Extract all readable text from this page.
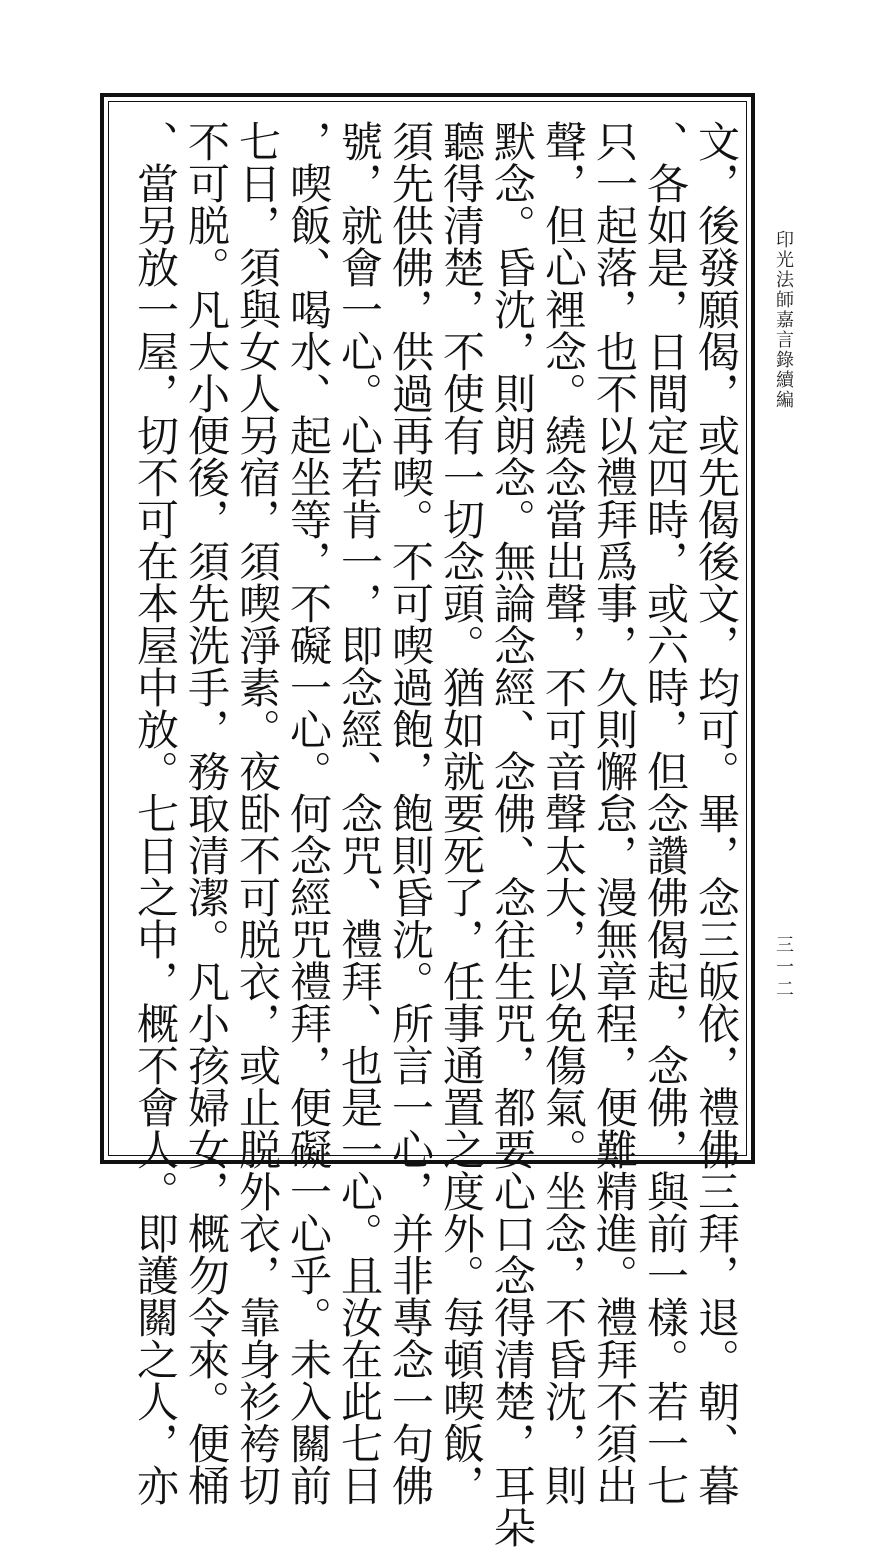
文，後發願偈，或先偈後文，均可。畢，念三皈依，禮佛三拜，退。朝、暮
、各如是，日間定四時，或六時，但念讚佛偈起，念佛，與前一樣。若一七
只一起落，也不以禮拜爲事，久則懈怠，漫無章程，便難精進。禮拜不須出
聲，但心裡念。繞念當出聲，不可音聲太大，以免傷氣。坐念，不昏沈，則
默念。昏沈，則朗念。無論念經、念佛、念往生咒，都要心口念得清楚，耳朵
聽得清楚，不使有一切念頭。猶如就要死了，任事通置之度外。每頓喫飯，
須先供佛，供過再喫。不可喫過飽，飽則昏沈。所言一心，并非專念一句佛
號，就會一心。心若肯一，即念經、念咒、禮拜、也是一心。且汝在此七日
，喫飯、喝水、起坐等，不礙一心。何念經咒禮拜，便礙一心乎。未入關前
七日，須與女人另宿，須喫淨素。夜卧不可脱衣，或止脱外衣，靠身衫袴切
不可脱。凡大小便後，須先洗手，務取清潔。凡小孩婦女，概勿令來。便桶
、當另放一屋，切不可在本屋中放。七日之中，概不會人。即護關之人，亦	印光法師嘉言錄續編
三一二
